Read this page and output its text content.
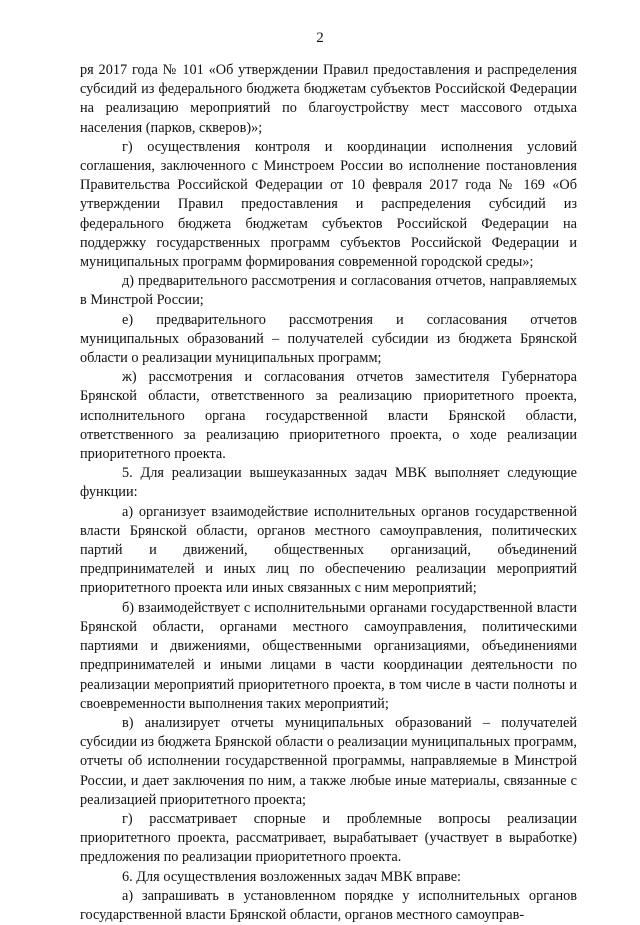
2

ря 2017 года № 101 «Об утверждении Правил предоставления и распределения субсидий из федерального бюджета бюджетам субъектов Российской Федерации на реализацию мероприятий по благоустройству мест массового отдыха населения (парков, скверов)»;

г) осуществления контроля и координации исполнения условий соглашения, заключенного с Минстроем России во исполнение постановления Правительства Российской Федерации от 10 февраля 2017 года № 169 «Об утверждении Правил предоставления и распределения субсидий из федерального бюджета бюджетам субъектов Российской Федерации на поддержку государственных программ субъектов Российской Федерации и муниципальных программ формирования современной городской среды»;

д) предварительного рассмотрения и согласования отчетов, направляемых в Минстрой России;

е) предварительного рассмотрения и согласования отчетов муниципальных образований – получателей субсидии из бюджета Брянской области о реализации муниципальных программ;

ж) рассмотрения и согласования отчетов заместителя Губернатора Брянской области, ответственного за реализацию приоритетного проекта, исполнительного органа государственной власти Брянской области, ответственного за реализацию приоритетного проекта, о ходе реализации приоритетного проекта.

5. Для реализации вышеуказанных задач МВК выполняет следующие функции:

а) организует взаимодействие исполнительных органов государственной власти Брянской области, органов местного самоуправления, политических партий и движений, общественных организаций, объединений предпринимателей и иных лиц по обеспечению реализации мероприятий приоритетного проекта или иных связанных с ним мероприятий;

б) взаимодействует с исполнительными органами государственной власти Брянской области, органами местного самоуправления, политическими партиями и движениями, общественными организациями, объединениями предпринимателей и иными лицами в части координации деятельности по реализации мероприятий приоритетного проекта, в том числе в части полноты и своевременности выполнения таких мероприятий;

в) анализирует отчеты муниципальных образований – получателей субсидии из бюджета Брянской области о реализации муниципальных программ, отчеты об исполнении государственной программы, направляемые в Минстрой России, и дает заключения по ним, а также любые иные материалы, связанные с реализацией приоритетного проекта;

г) рассматривает спорные и проблемные вопросы реализации приоритетного проекта, рассматривает, вырабатывает (участвует в выработке) предложения по реализации приоритетного проекта.

6. Для осуществления возложенных задач МВК вправе:

а) запрашивать в установленном порядке у исполнительных органов государственной власти Брянской области, органов местного самоуправ-
